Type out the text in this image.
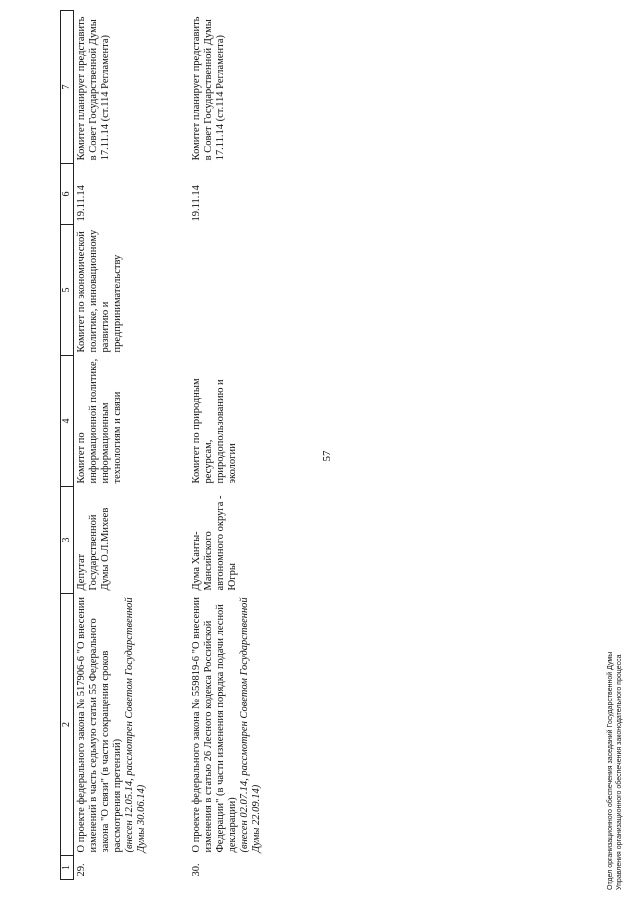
57
1	2	3	4	5	6	7
29.	О проекте федерального закона № 517906-6 "О внесении изменений в часть седьмую статьи 55 Федерального закона "О связи" (в части сокращения сроков рассмотрения претензий) (внесен 12.05.14, рассмотрен Советом Государственной Думы 30.06.14)	Депутат Государственной Думы О.Л.Михеев	Комитет по информационной политике, информационным технологиям и связи	Комитет по экономической политике, инновационному развитию и предпринимательству	19.11.14	Комитет планирует представить в Совет Государственной Думы 17.11.14 (ст.114 Регламента)
30.	О проекте федерального закона № 559819-6 "О внесении изменения в статью 26 Лесного кодекса Российской Федерации" (в части изменения порядка подачи лесной декларации) (внесен 02.07.14, рассмотрен Советом Государственной Думы 22.09.14)	Дума Ханты-Мансийского автономного округа - Югры	Комитет по природным ресурсам, природопользованию и экологии		19.11.14	Комитет планирует представить в Совет Государственной Думы 17.11.14 (ст.114 Регламента)
Отдел организационного обеспечения заседаний Государственной Думы Управления организационного обеспечения законодательного процесса
